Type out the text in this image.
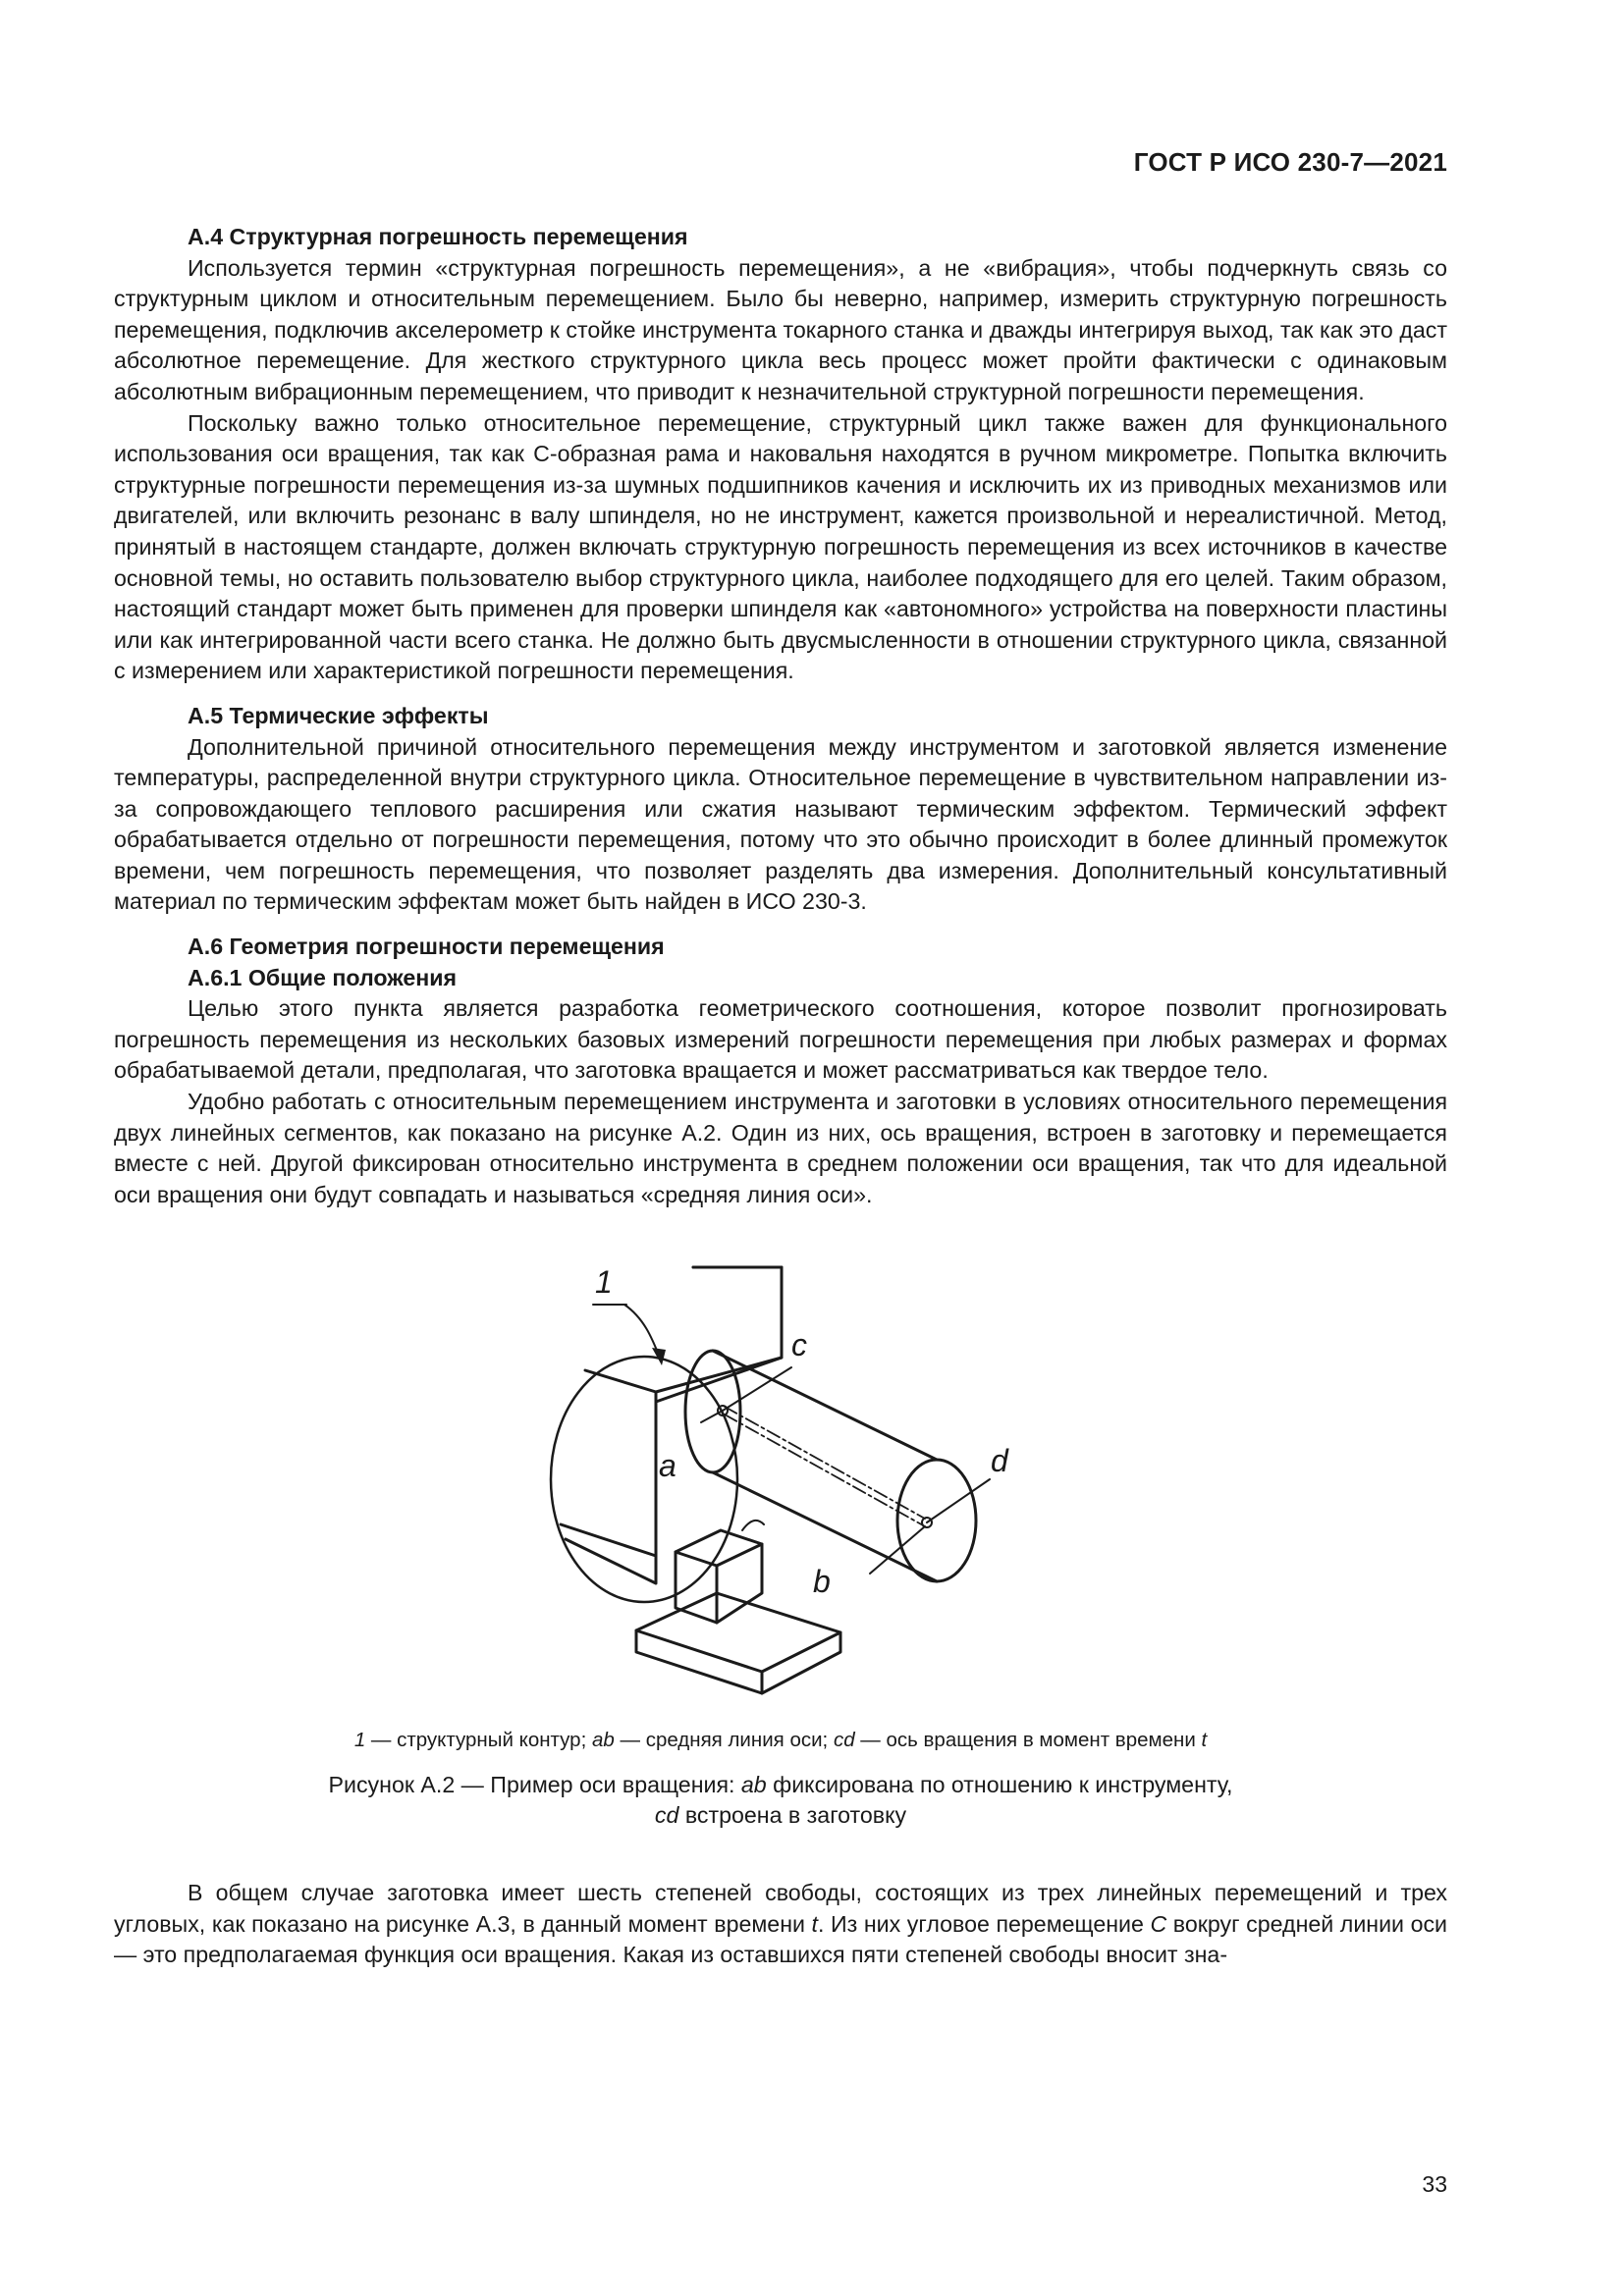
ГОСТ Р ИСО 230-7—2021
А.4 Структурная погрешность перемещения

Используется термин «структурная погрешность перемещения», а не «вибрация», чтобы подчеркнуть связь со структурным циклом и относительным перемещением. Было бы неверно, например, измерить структурную погрешность перемещения, подключив акселерометр к стойке инструмента токарного станка и дважды интегрируя выход, так как это даст абсолютное перемещение. Для жесткого структурного цикла весь процесс может пройти фактически с одинаковым абсолютным вибрационным перемещением, что приводит к незначительной структурной погрешности перемещения.

Поскольку важно только относительное перемещение, структурный цикл также важен для функционального использования оси вращения, так как С-образная рама и наковальня находятся в ручном микрометре. Попытка включить структурные погрешности перемещения из-за шумных подшипников качения и исключить их из приводных механизмов или двигателей, или включить резонанс в валу шпинделя, но не инструмент, кажется произвольной и нереалистичной. Метод, принятый в настоящем стандарте, должен включать структурную погрешность перемещения из всех источников в качестве основной темы, но оставить пользователю выбор структурного цикла, наиболее подходящего для его целей. Таким образом, настоящий стандарт может быть применен для проверки шпинделя как «автономного» устройства на поверхности пластины или как интегрированной части всего станка. Не должно быть двусмысленности в отношении структурного цикла, связанной с измерением или характеристикой погрешности перемещения.

А.5 Термические эффекты

Дополнительной причиной относительного перемещения между инструментом и заготовкой является изменение температуры, распределенной внутри структурного цикла. Относительное перемещение в чувствительном направлении из-за сопровождающего теплового расширения или сжатия называют термическим эффектом. Термический эффект обрабатывается отдельно от погрешности перемещения, потому что это обычно происходит в более длинный промежуток времени, чем погрешность перемещения, что позволяет разделять два измерения. Дополнительный консультативный материал по термическим эффектам может быть найден в ИСО 230-3.

А.6 Геометрия погрешности перемещения
А.6.1 Общие положения

Целью этого пункта является разработка геометрического соотношения, которое позволит прогнозировать погрешность перемещения из нескольких базовых измерений погрешности перемещения при любых размерах и формах обрабатываемой детали, предполагая, что заготовка вращается и может рассматриваться как твердое тело.

Удобно работать с относительным перемещением инструмента и заготовки в условиях относительного перемещения двух линейных сегментов, как показано на рисунке А.2. Один из них, ось вращения, встроен в заготовку и перемещается вместе с ней. Другой фиксирован относительно инструмента в среднем положении оси вращения, так что для идеальной оси вращения они будут совпадать и называться «средняя линия оси».

1
c
a	d
b
1 — структурный контур; ab — средняя линия оси; cd — ось вращения в момент времени t
Рисунок А.2 — Пример оси вращения: ab фиксирована по отношению к инструменту,
cd встроена в заготовку

В общем случае заготовка имеет шесть степеней свободы, состоящих из трех линейных перемещений и трех угловых, как показано на рисунке А.3, в данный момент времени t. Из них угловое перемещение C вокруг средней линии оси — это предполагаемая функция оси вращения. Какая из оставшихся пяти степеней свободы вносит зна-

33
